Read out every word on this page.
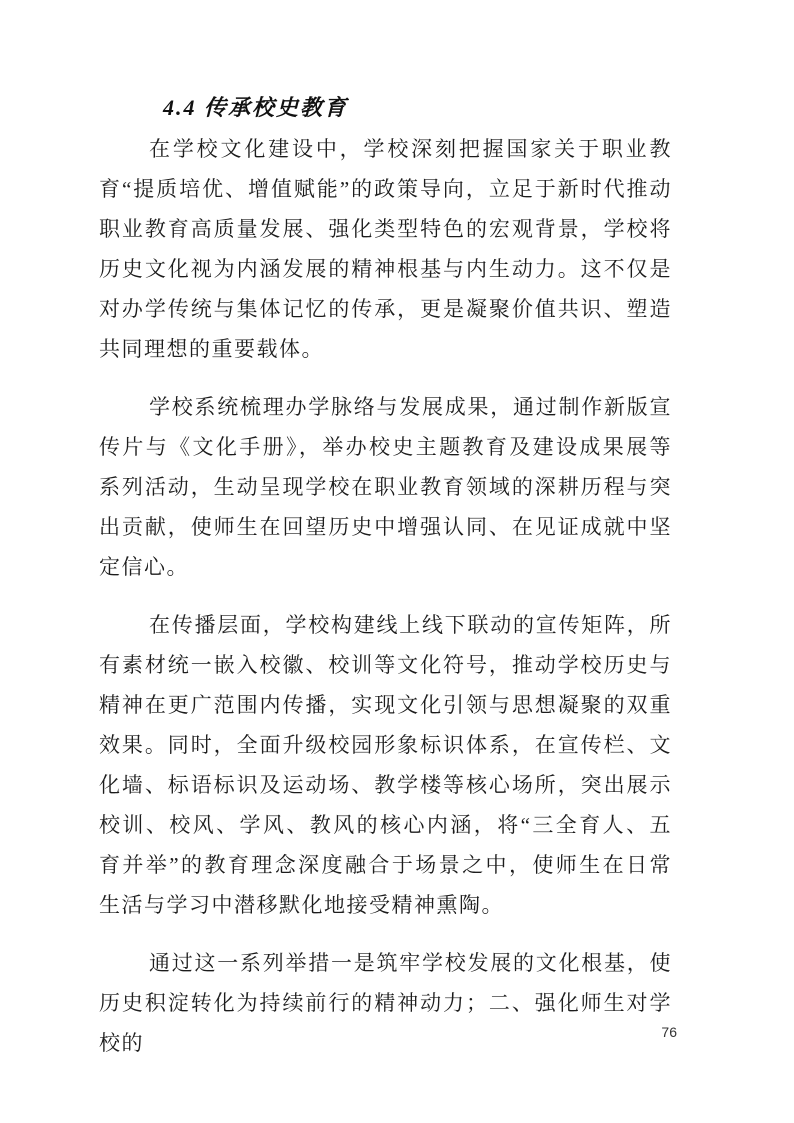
4.4 传承校史教育

在学校文化建设中，学校深刻把握国家关于职业教育“提质培优、增值赋能”的政策导向，立足于新时代推动职业教育高质量发展、强化类型特色的宏观背景，学校将历史文化视为内涵发展的精神根基与内生动力。这不仅是对办学传统与集体记忆的传承，更是凝聚价值共识、塑造共同理想的重要载体。

学校系统梳理办学脉络与发展成果，通过制作新版宣传片与《文化手册》，举办校史主题教育及建设成果展等系列活动，生动呈现学校在职业教育领域的深耕历程与突出贡献，使师生在回望历史中增强认同、在见证成就中坚定信心。

在传播层面，学校构建线上线下联动的宣传矩阵，所有素材统一嵌入校徽、校训等文化符号，推动学校历史与精神在更广范围内传播，实现文化引领与思想凝聚的双重效果。同时，全面升级校园形象标识体系，在宣传栏、文化墙、标语标识及运动场、教学楼等核心场所，突出展示校训、校风、学风、教风的核心内涵，将“三全育人、五育并举”的教育理念深度融合于场景之中，使师生在日常生活与学习中潜移默化地接受精神熏陶。

通过这一系列举措一是筑牢学校发展的文化根基，使历史积淀转化为持续前行的精神动力；二、强化师生对学校的	76
